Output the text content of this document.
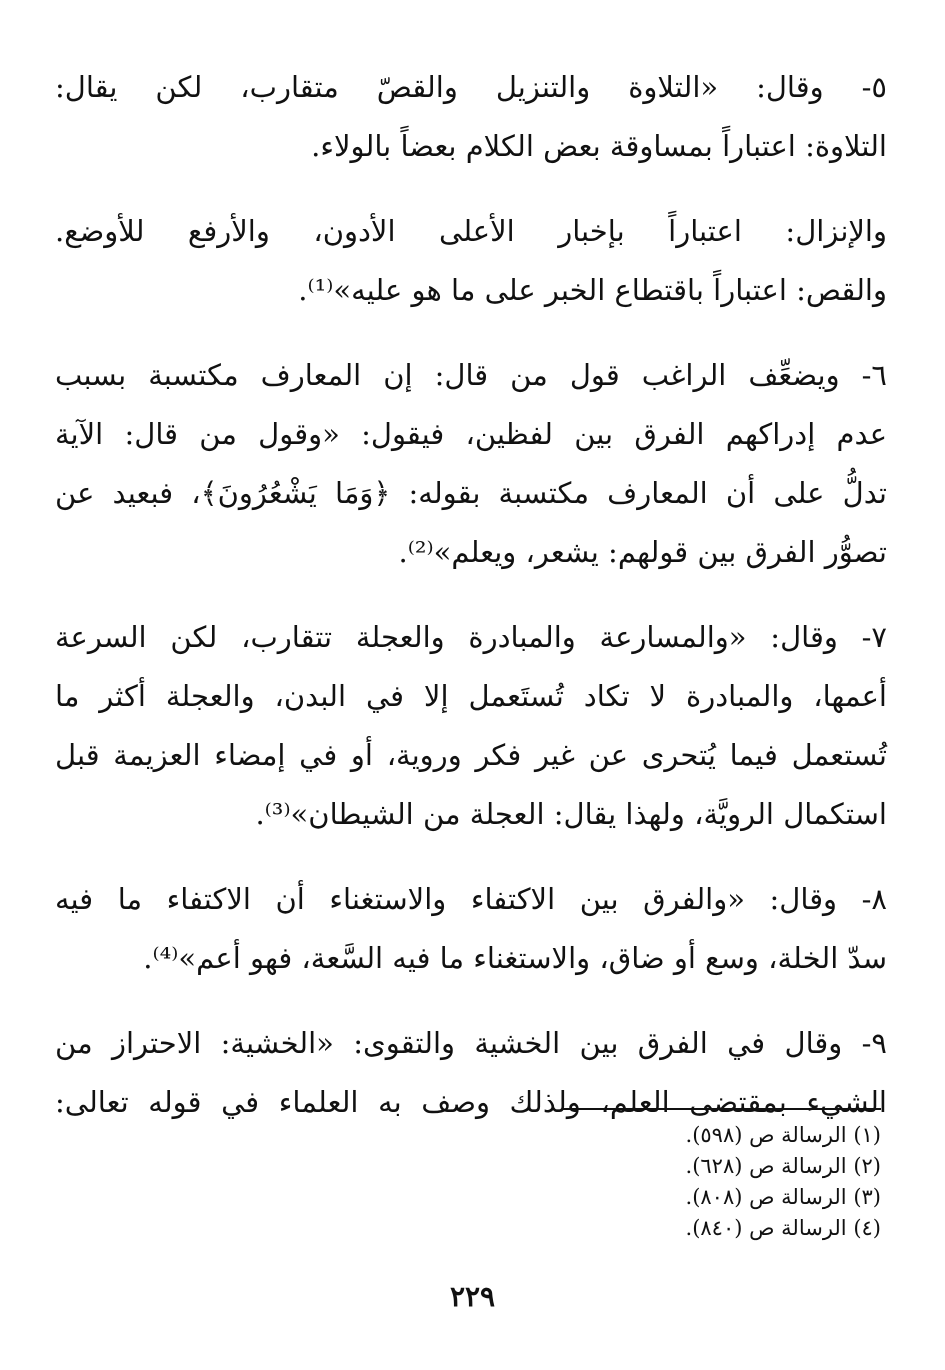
٥- وقال: «التلاوة والتنزيل والقصّ متقارب، لكن يقال:
التلاوة: اعتباراً بمساوقة بعض الكلام بعضاً بالولاء.
والإنزال: اعتباراً بإخبار الأعلى الأدون، والأرفع للأوضع.
والقص: اعتباراً باقتطاع الخبر على ما هو عليه»⁽¹⁾.
٦- ويضعِّف الراغب قول من قال: إن المعارف مكتسبة بسبب
عدم إدراكهم الفرق بين لفظين، فيقول: «وقول من قال: الآية
تدلُّ على أن المعارف مكتسبة بقوله: ﴿وَمَا يَشْعُرُونَ﴾، فبعيد عن
تصوُّر الفرق بين قولهم: يشعر، ويعلم»⁽²⁾.
٧- وقال: «والمسارعة والمبادرة والعجلة تتقارب، لكن السرعة
أعمها، والمبادرة لا تكاد تُستَعمل إلا في البدن، والعجلة أكثر ما
تُستعمل فيما يُتحرى عن غير فكر وروية، أو في إمضاء العزيمة قبل
استكمال الرويَّة، ولهذا يقال: العجلة من الشيطان»⁽³⁾.
٨- وقال: «والفرق بين الاكتفاء والاستغناء أن الاكتفاء ما فيه
سدّ الخلة، وسع أو ضاق، والاستغناء ما فيه السَّعة، فهو أعم»⁽⁴⁾.
٩- وقال في الفرق بين الخشية والتقوى: «الخشية: الاحتراز من
الشيء بمقتضى العلم، ولذلك وصف به العلماء في قوله تعالى:
(١) الرسالة ص (٥٩٨).
(٢) الرسالة ص (٦٢٨).
(٣) الرسالة ص (٨٠٨).
(٤) الرسالة ص (٨٤٠).
٢٢٩
